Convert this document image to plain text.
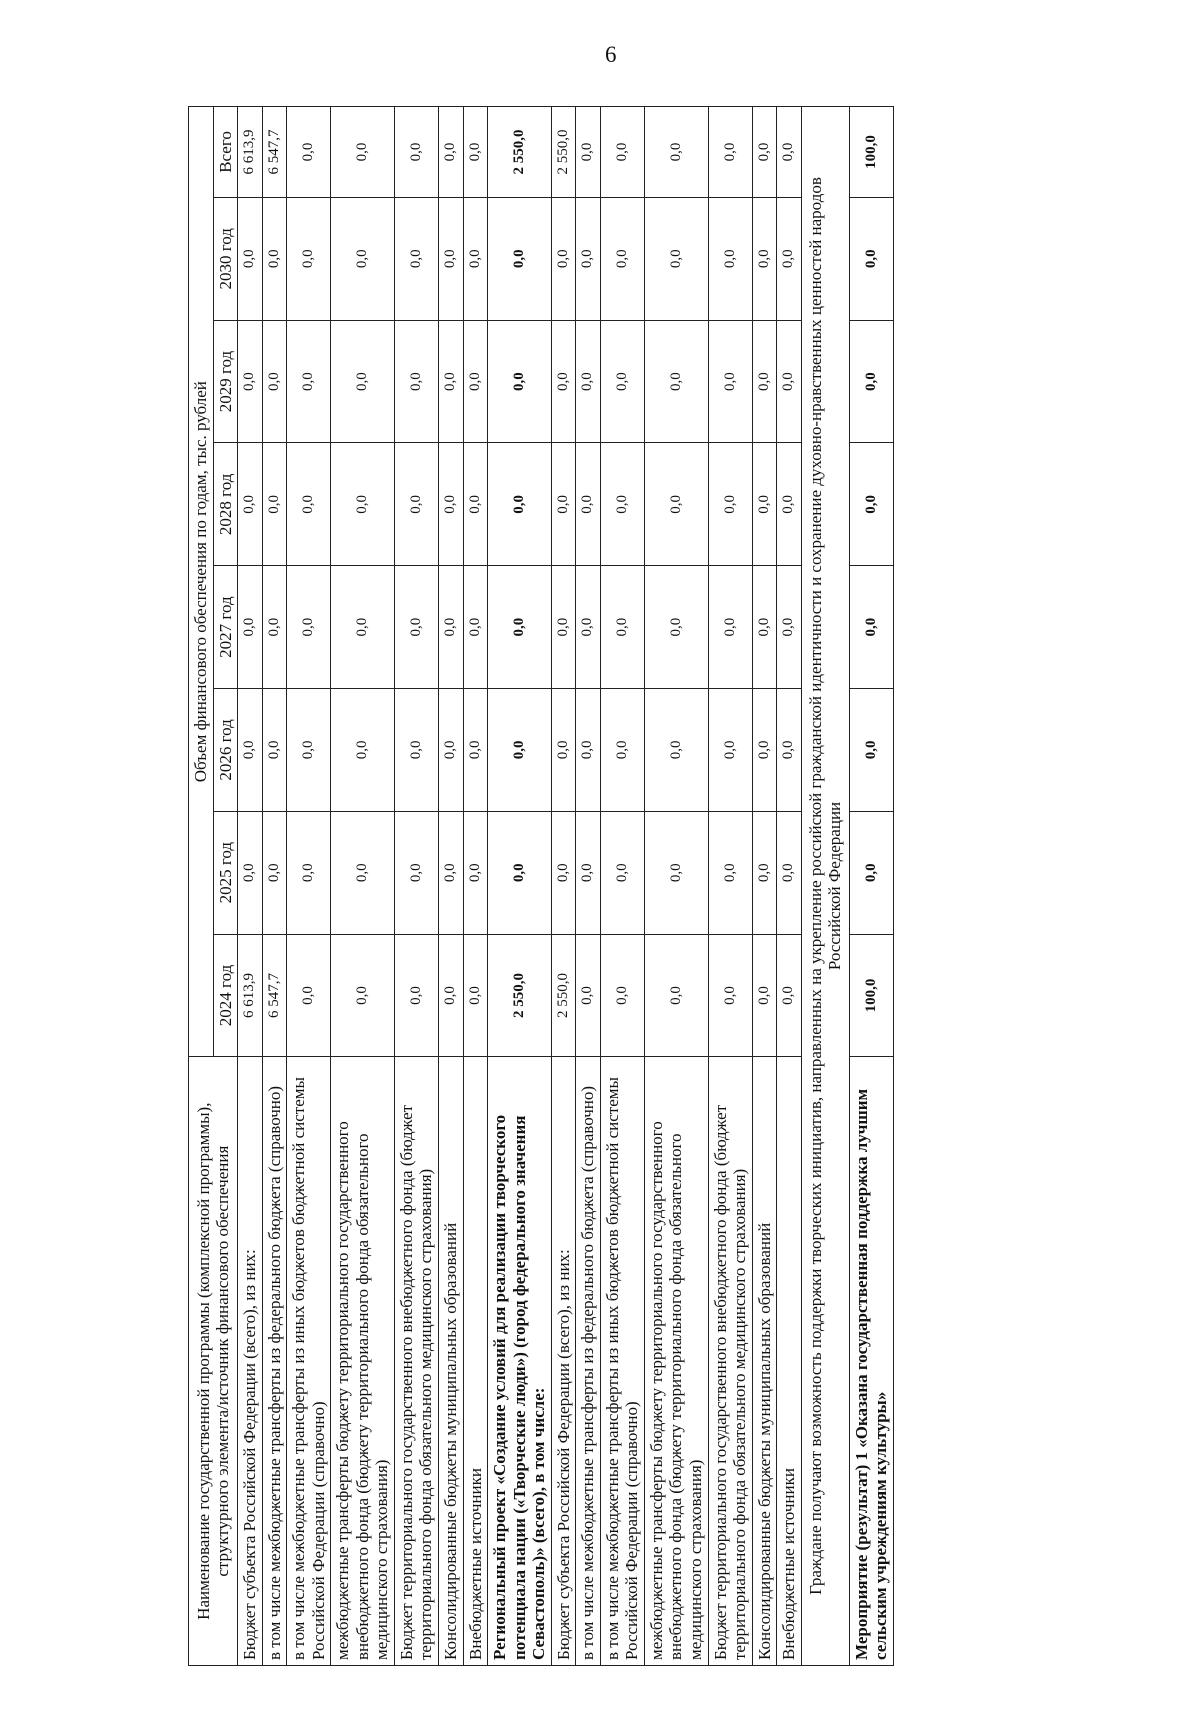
6
Наименование государственной программы (комплексной программы), структурного элемента/источник финансового обеспечения	Объем финансового обеспечения по годам, тыс. рублей							
	2024 год	2025 год	2026 год	2027 год	2028 год	2029 год	2030 год	Всего
Бюджет субъекта Российской Федерации (всего), из них:	6 613,9	0,0	0,0	0,0	0,0	0,0	0,0	6 613,9
в том числе межбюджетные трансферты из федерального бюджета (справочно)	6 547,7	0,0	0,0	0,0	0,0	0,0	0,0	6 547,7
в том числе межбюджетные трансферты из иных бюджетов бюджетной системы Российской Федерации (справочно)	0,0	0,0	0,0	0,0	0,0	0,0	0,0	0,0
межбюджетные трансферты бюджету территориального государственного внебюджетного фонда (бюджету территориального фонда обязательного медицинского страхования)	0,0	0,0	0,0	0,0	0,0	0,0	0,0	0,0
Бюджет территориального государственного внебюджетного фонда (бюджет территориального фонда обязательного медицинского страхования)	0,0	0,0	0,0	0,0	0,0	0,0	0,0	0,0
Консолидированные бюджеты муниципальных образований	0,0	0,0	0,0	0,0	0,0	0,0	0,0	0,0
Внебюджетные источники	0,0	0,0	0,0	0,0	0,0	0,0	0,0	0,0
Региональный проект «Создание условий для реализации творческого потенциала нации («Творческие люди») (город федерального значения Севастополь)» (всего), в том числе:	2 550,0	0,0	0,0	0,0	0,0	0,0	0,0	2 550,0
Бюджет субъекта Российской Федерации (всего), из них:	2 550,0	0,0	0,0	0,0	0,0	0,0	0,0	2 550,0
в том числе межбюджетные трансферты из федерального бюджета (справочно)	0,0	0,0	0,0	0,0	0,0	0,0	0,0	0,0
в том числе межбюджетные трансферты из иных бюджетов бюджетной системы Российской Федерации (справочно)	0,0	0,0	0,0	0,0	0,0	0,0	0,0	0,0
межбюджетные трансферты бюджету территориального государственного внебюджетного фонда (бюджету территориального фонда обязательного медицинского страхования)	0,0	0,0	0,0	0,0	0,0	0,0	0,0	0,0
Бюджет территориального государственного внебюджетного фонда (бюджет территориального фонда обязательного медицинского страхования)	0,0	0,0	0,0	0,0	0,0	0,0	0,0	0,0
Консолидированные бюджеты муниципальных образований	0,0	0,0	0,0	0,0	0,0	0,0	0,0	0,0
Внебюджетные источники	0,0	0,0	0,0	0,0	0,0	0,0	0,0	0,0
Граждане получают возможность поддержки творческих инициатив, направленных на укрепление российской гражданской идентичности и сохранение духовно-нравственных ценностей народов Российской Федерации								
Мероприятие (результат) 1 «Оказана государственная поддержка лучшим сельским учреждениям культуры»	100,0	0,0	0,0	0,0	0,0	0,0	0,0	100,0
